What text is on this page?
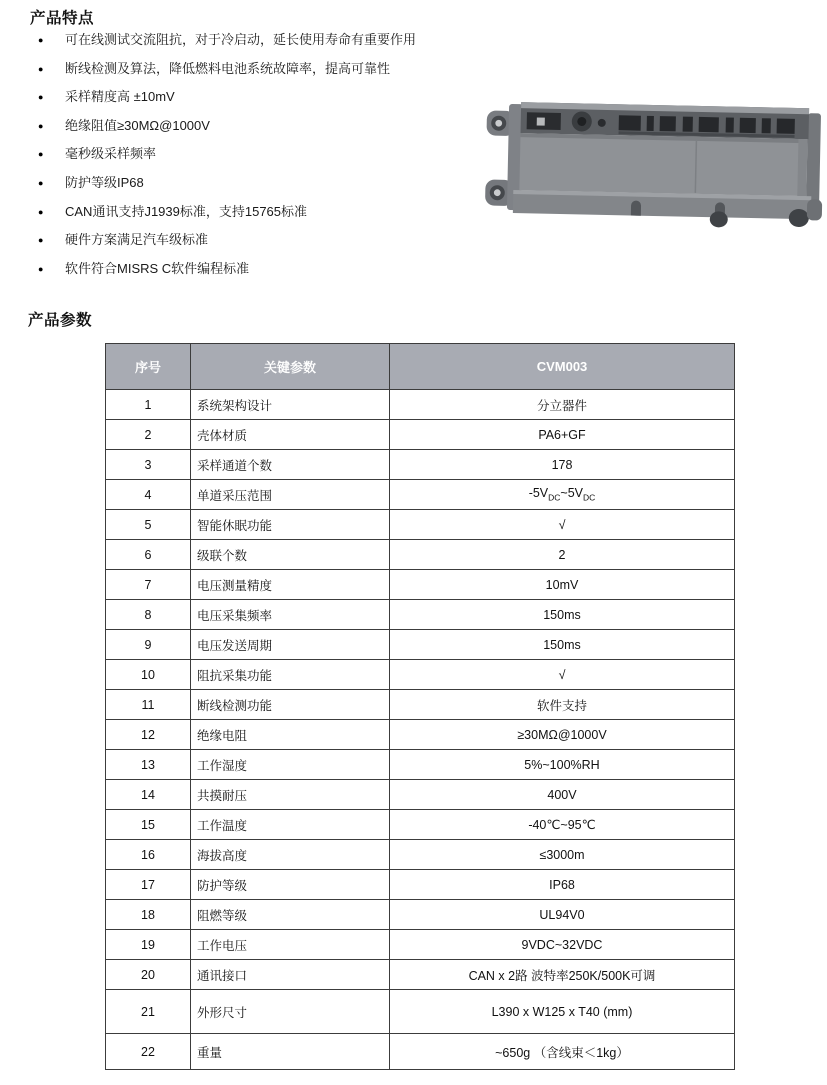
产品特点
●	可在线测试交流阻抗，对于冷启动，延长使用寿命有重要作用
●	断线检测及算法，降低燃料电池系统故障率，提高可靠性
●	采样精度高 ±10mV
●	绝缘阻值≥30MΩ@1000V
●	毫秒级采样频率
●	防护等级IP68
●	CAN通讯支持J1939标准，支持15765标准
●	硬件方案满足汽车级标准
●	软件符合MISRS C软件编程标准
产品参数
序号	关键参数	CVM003
1	系统架构设计	分立器件
2	壳体材质	PA6+GF
3	采样通道个数	178
4	单道采压范围	$-5V_{DC}\sim 5V_{DC}$
5	智能休眠功能	√
6	级联个数	2
7	电压测量精度	10mV
8	电压采集频率	150ms
9	电压发送周期	150ms
10	阻抗采集功能	√
11	断线检测功能	软件支持
12	绝缘电阻	≥30MΩ@1000V
13	工作湿度	5%~100%RH
14	共摸耐压	400V
15	工作温度	-40℃~95℃
16	海拔高度	≤3000m
17	防护等级	IP68
18	阻燃等级	UL94V0
19	工作电压	9VDC~32VDC
20	通讯接口	CAN x 2路 波特率250K/500K可调
21	外形尺寸	L390 x W125 x T40 (mm)
22	重量	~650g （含线束＜1kg）
